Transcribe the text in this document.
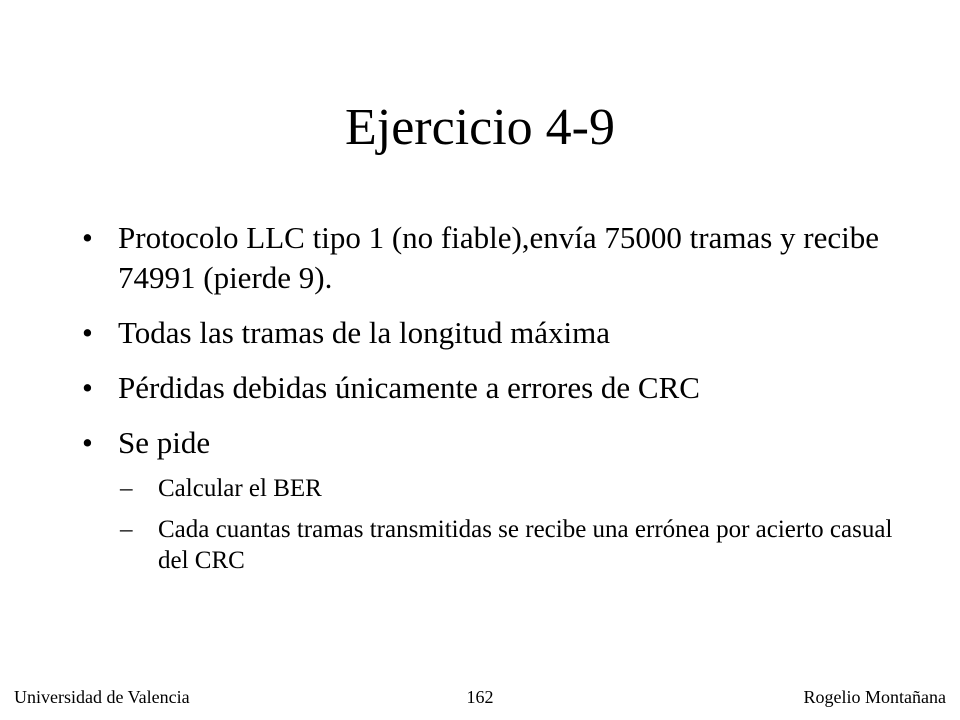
Ejercicio 4-9
• Protocolo LLC tipo 1 (no fiable),envía 75000 tramas y recibe 74991 (pierde 9).
• Todas las tramas de la longitud máxima
• Pérdidas debidas únicamente a errores de CRC
• Se pide
– Calcular el BER
– Cada cuantas tramas transmitidas se recibe una errónea por acierto casual del CRC
162
Universidad de Valencia	Rogelio Montañana
